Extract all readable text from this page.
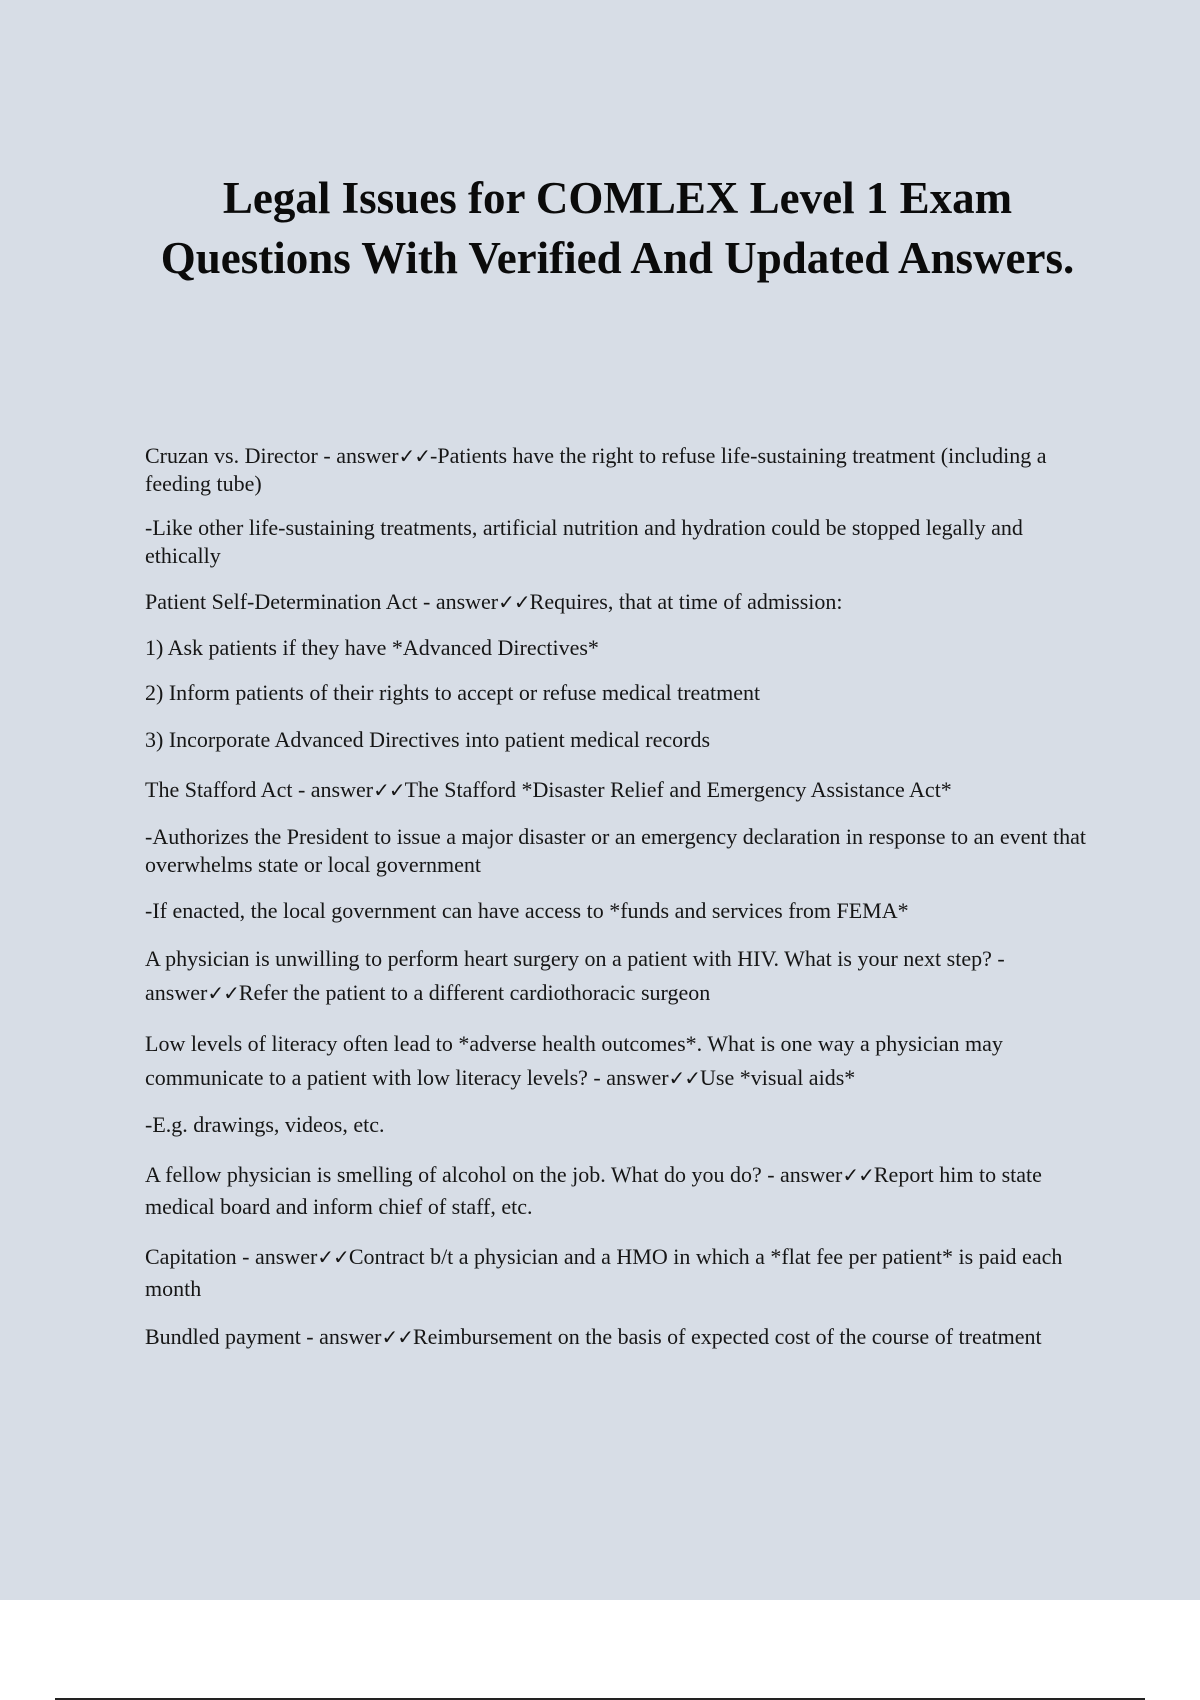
Legal Issues for COMLEX Level 1 Exam Questions With Verified And Updated Answers.

Cruzan vs. Director - answer✓✓-Patients have the right to refuse life-sustaining treatment (including a feeding tube)

-Like other life-sustaining treatments, artificial nutrition and hydration could be stopped legally and ethically

Patient Self-Determination Act - answer✓✓Requires, that at time of admission:

1) Ask patients if they have *Advanced Directives*

2) Inform patients of their rights to accept or refuse medical treatment

3) Incorporate Advanced Directives into patient medical records

The Stafford Act - answer✓✓The Stafford *Disaster Relief and Emergency Assistance Act*

-Authorizes the President to issue a major disaster or an emergency declaration in response to an event that overwhelms state or local government

-If enacted, the local government can have access to *funds and services from FEMA*

A physician is unwilling to perform heart surgery on a patient with HIV. What is your next step? - answer✓✓Refer the patient to a different cardiothoracic surgeon

Low levels of literacy often lead to *adverse health outcomes*. What is one way a physician may communicate to a patient with low literacy levels? - answer✓✓Use *visual aids*

-E.g. drawings, videos, etc.

A fellow physician is smelling of alcohol on the job. What do you do? - answer✓✓Report him to state medical board and inform chief of staff, etc.

Capitation - answer✓✓Contract b/t a physician and a HMO in which a *flat fee per patient* is paid each month

Bundled payment - answer✓✓Reimbursement on the basis of expected cost of the course of treatment
